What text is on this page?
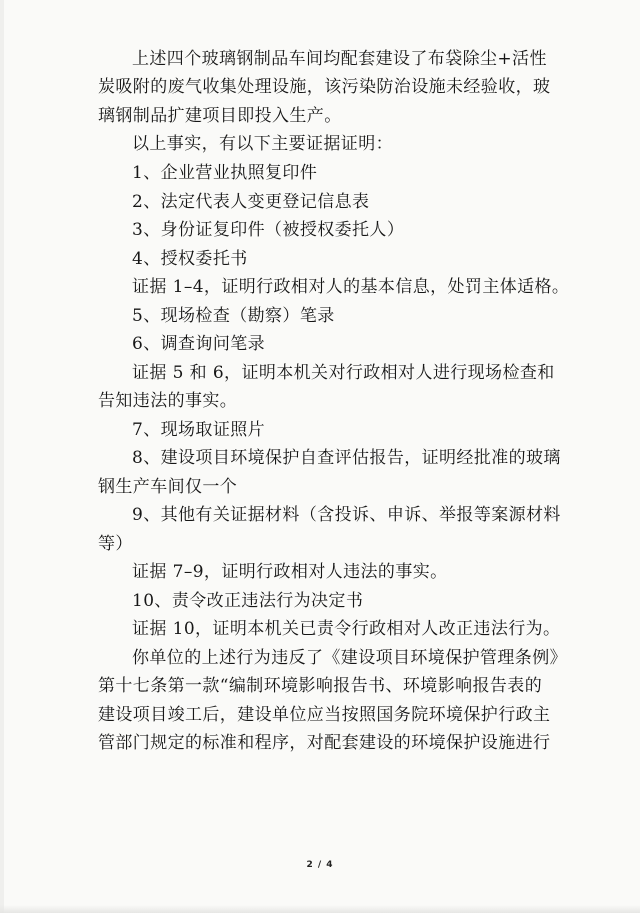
上述四个玻璃钢制品车间均配套建设了布袋除尘+活性
炭吸附的废气收集处理设施，该污染防治设施未经验收，玻
璃钢制品扩建项目即投入生产。
以上事实，有以下主要证据证明：
1、企业营业执照复印件
2、法定代表人变更登记信息表
3、身份证复印件（被授权委托人）
4、授权委托书
证据 1–4，证明行政相对人的基本信息，处罚主体适格。
5、现场检查（勘察）笔录
6、调查询问笔录
证据 5 和 6，证明本机关对行政相对人进行现场检查和
告知违法的事实。
7、现场取证照片
8、建设项目环境保护自查评估报告，证明经批准的玻璃
钢生产车间仅一个
9、其他有关证据材料（含投诉、申诉、举报等案源材料
等）
证据 7–9，证明行政相对人违法的事实。
10、责令改正违法行为决定书
证据 10，证明本机关已责令行政相对人改正违法行为。
你单位的上述行为违反了《建设项目环境保护管理条例》
第十七条第一款“编制环境影响报告书、环境影响报告表的
建设项目竣工后，建设单位应当按照国务院环境保护行政主
管部门规定的标准和程序，对配套建设的环境保护设施进行
2 / 4
